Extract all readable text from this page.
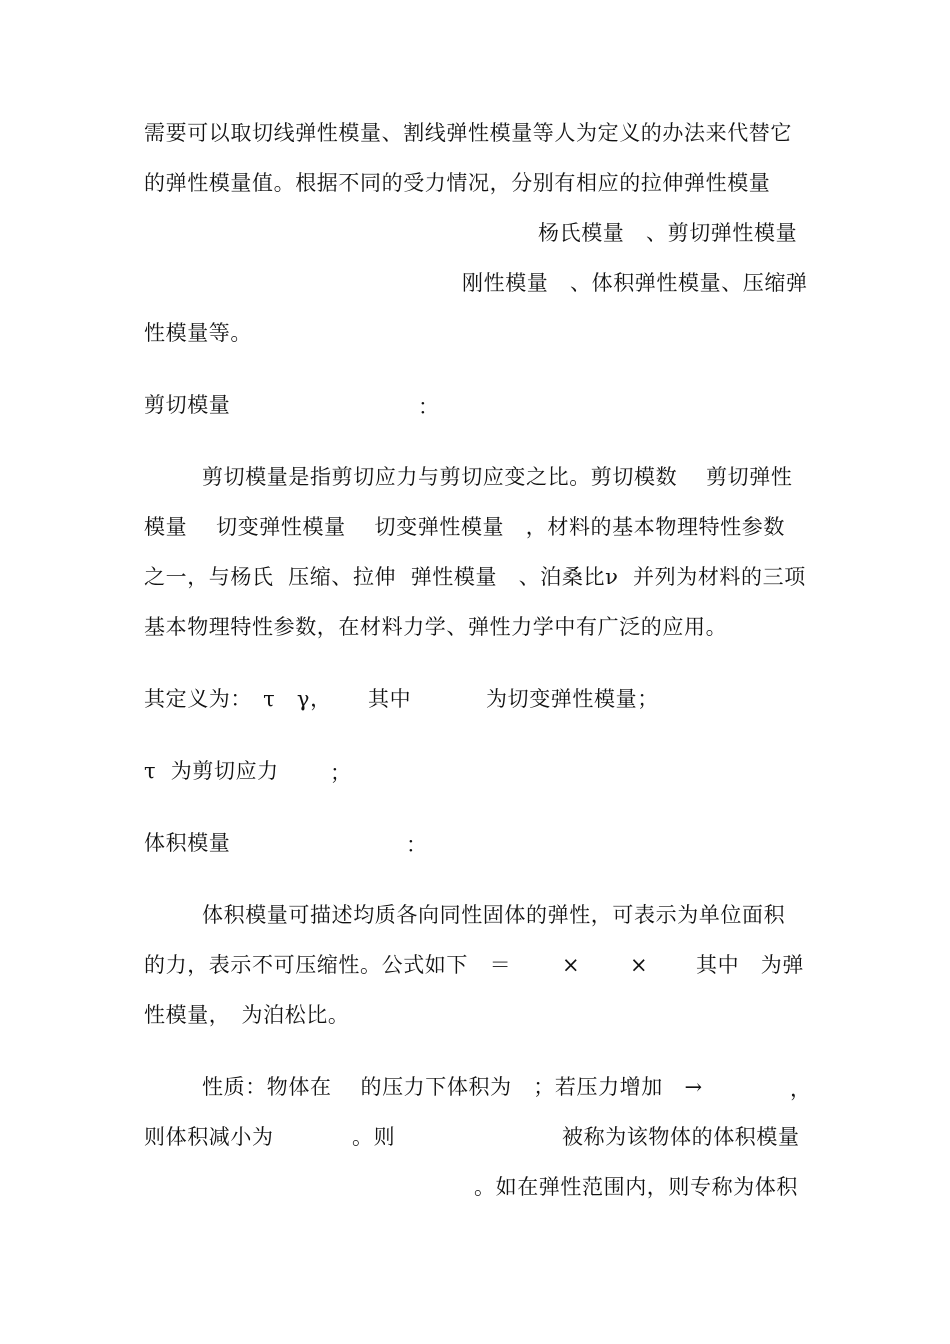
需要可以取切线弹性模量、割线弹性模量等人为定义的办法来代替它
的弹性模量值。根据不同的受力情况，分别有相应的拉伸弹性模量
杨氏模量　、剪切弹性模量
刚性模量　、体积弹性模量、压缩弹
性模量等。
剪切模量	：
剪切模量是指剪切应力与剪切应变之比。剪切模数　 剪切弹性
模量　 切变弹性模量　 切变弹性模量　，材料的基本物理特性参数
之一，与杨氏  压缩、拉伸  弹性模量　、泊桑比ν  并列为材料的三项
基本物理特性参数，在材料力学、弹性力学中有广泛的应用。
其定义为：　τ　γ， 其中	为切变弹性模量；
τ  为剪切应力 ；
体积模量	：
体积模量可描述均质各向同性固体的弹性，可表示为单位面积
的力，表示不可压缩性。公式如下　＝ × × 其中　为弹
性模量，　为泊松比。
性质：物体在　 的压力下体积为　；若压力增加　→	，
则体积减小为	。则	被称为该物体的体积模量
。如在弹性范围内，则专称为体积
